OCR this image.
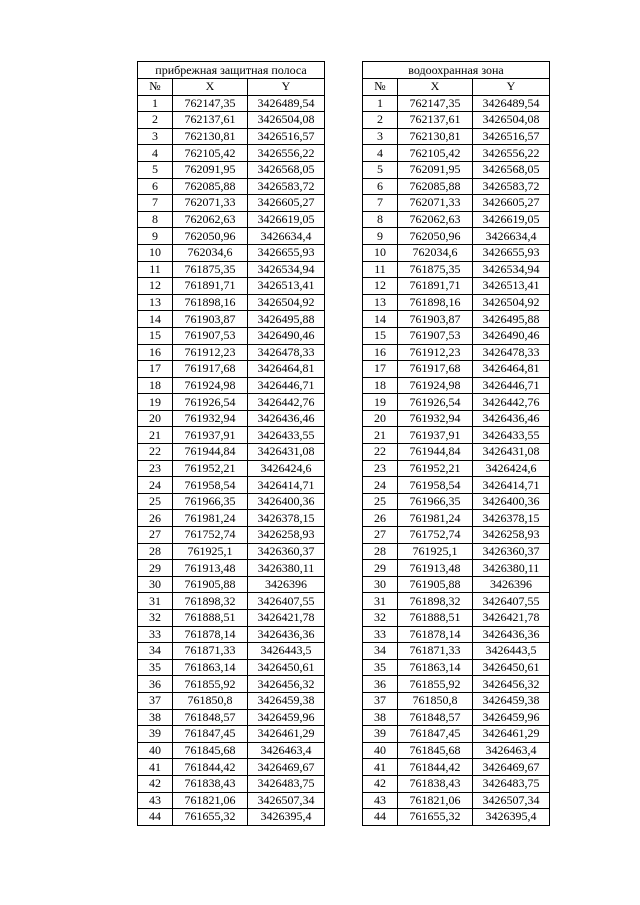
прибрежная защитная полоса		
№	X	Y
1	762147,35	3426489,54
2	762137,61	3426504,08
3	762130,81	3426516,57
4	762105,42	3426556,22
5	762091,95	3426568,05
6	762085,88	3426583,72
7	762071,33	3426605,27
8	762062,63	3426619,05
9	762050,96	3426634,4
10	762034,6	3426655,93
11	761875,35	3426534,94
12	761891,71	3426513,41
13	761898,16	3426504,92
14	761903,87	3426495,88
15	761907,53	3426490,46
16	761912,23	3426478,33
17	761917,68	3426464,81
18	761924,98	3426446,71
19	761926,54	3426442,76
20	761932,94	3426436,46
21	761937,91	3426433,55
22	761944,84	3426431,08
23	761952,21	3426424,6
24	761958,54	3426414,71
25	761966,35	3426400,36
26	761981,24	3426378,15
27	761752,74	3426258,93
28	761925,1	3426360,37
29	761913,48	3426380,11
30	761905,88	3426396
31	761898,32	3426407,55
32	761888,51	3426421,78
33	761878,14	3426436,36
34	761871,33	3426443,5
35	761863,14	3426450,61
36	761855,92	3426456,32
37	761850,8	3426459,38
38	761848,57	3426459,96
39	761847,45	3426461,29
40	761845,68	3426463,4
41	761844,42	3426469,67
42	761838,43	3426483,75
43	761821,06	3426507,34
44	761655,32	3426395,4
водоохранная зона		
№	X	Y
1	762147,35	3426489,54
2	762137,61	3426504,08
3	762130,81	3426516,57
4	762105,42	3426556,22
5	762091,95	3426568,05
6	762085,88	3426583,72
7	762071,33	3426605,27
8	762062,63	3426619,05
9	762050,96	3426634,4
10	762034,6	3426655,93
11	761875,35	3426534,94
12	761891,71	3426513,41
13	761898,16	3426504,92
14	761903,87	3426495,88
15	761907,53	3426490,46
16	761912,23	3426478,33
17	761917,68	3426464,81
18	761924,98	3426446,71
19	761926,54	3426442,76
20	761932,94	3426436,46
21	761937,91	3426433,55
22	761944,84	3426431,08
23	761952,21	3426424,6
24	761958,54	3426414,71
25	761966,35	3426400,36
26	761981,24	3426378,15
27	761752,74	3426258,93
28	761925,1	3426360,37
29	761913,48	3426380,11
30	761905,88	3426396
31	761898,32	3426407,55
32	761888,51	3426421,78
33	761878,14	3426436,36
34	761871,33	3426443,5
35	761863,14	3426450,61
36	761855,92	3426456,32
37	761850,8	3426459,38
38	761848,57	3426459,96
39	761847,45	3426461,29
40	761845,68	3426463,4
41	761844,42	3426469,67
42	761838,43	3426483,75
43	761821,06	3426507,34
44	761655,32	3426395,4
